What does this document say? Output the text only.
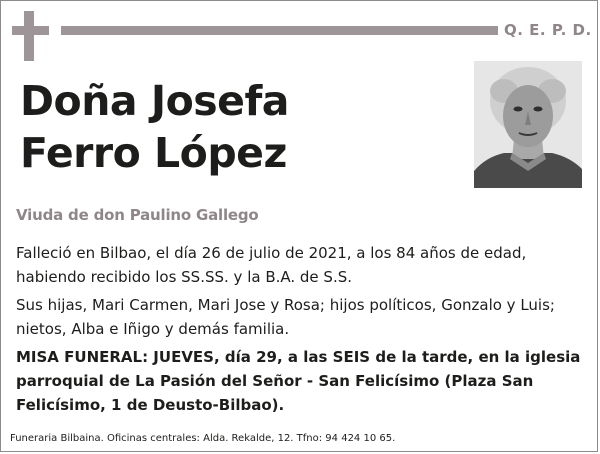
Q. E. P. D.
Doña Josefa
Ferro López
Viuda de don Paulino Gallego

Falleció en Bilbao, el día 26 de julio de 2021, a los 84 años de edad, habiendo recibido los SS.SS. y la B.A. de S.S.

Sus hijas, Mari Carmen, Mari Jose y Rosa; hijos políticos, Gonzalo y Luis; nietos, Alba e Iñigo y demás familia.

MISA FUNERAL: JUEVES, día 29, a las SEIS de la tarde, en la iglesia parroquial de La Pasión del Señor - San Felicísimo (Plaza San Felicísimo, 1 de Deusto-Bilbao).

Funeraria Bilbaina. Oficinas centrales: Alda. Rekalde, 12. Tfno: 94 424 10 65.
